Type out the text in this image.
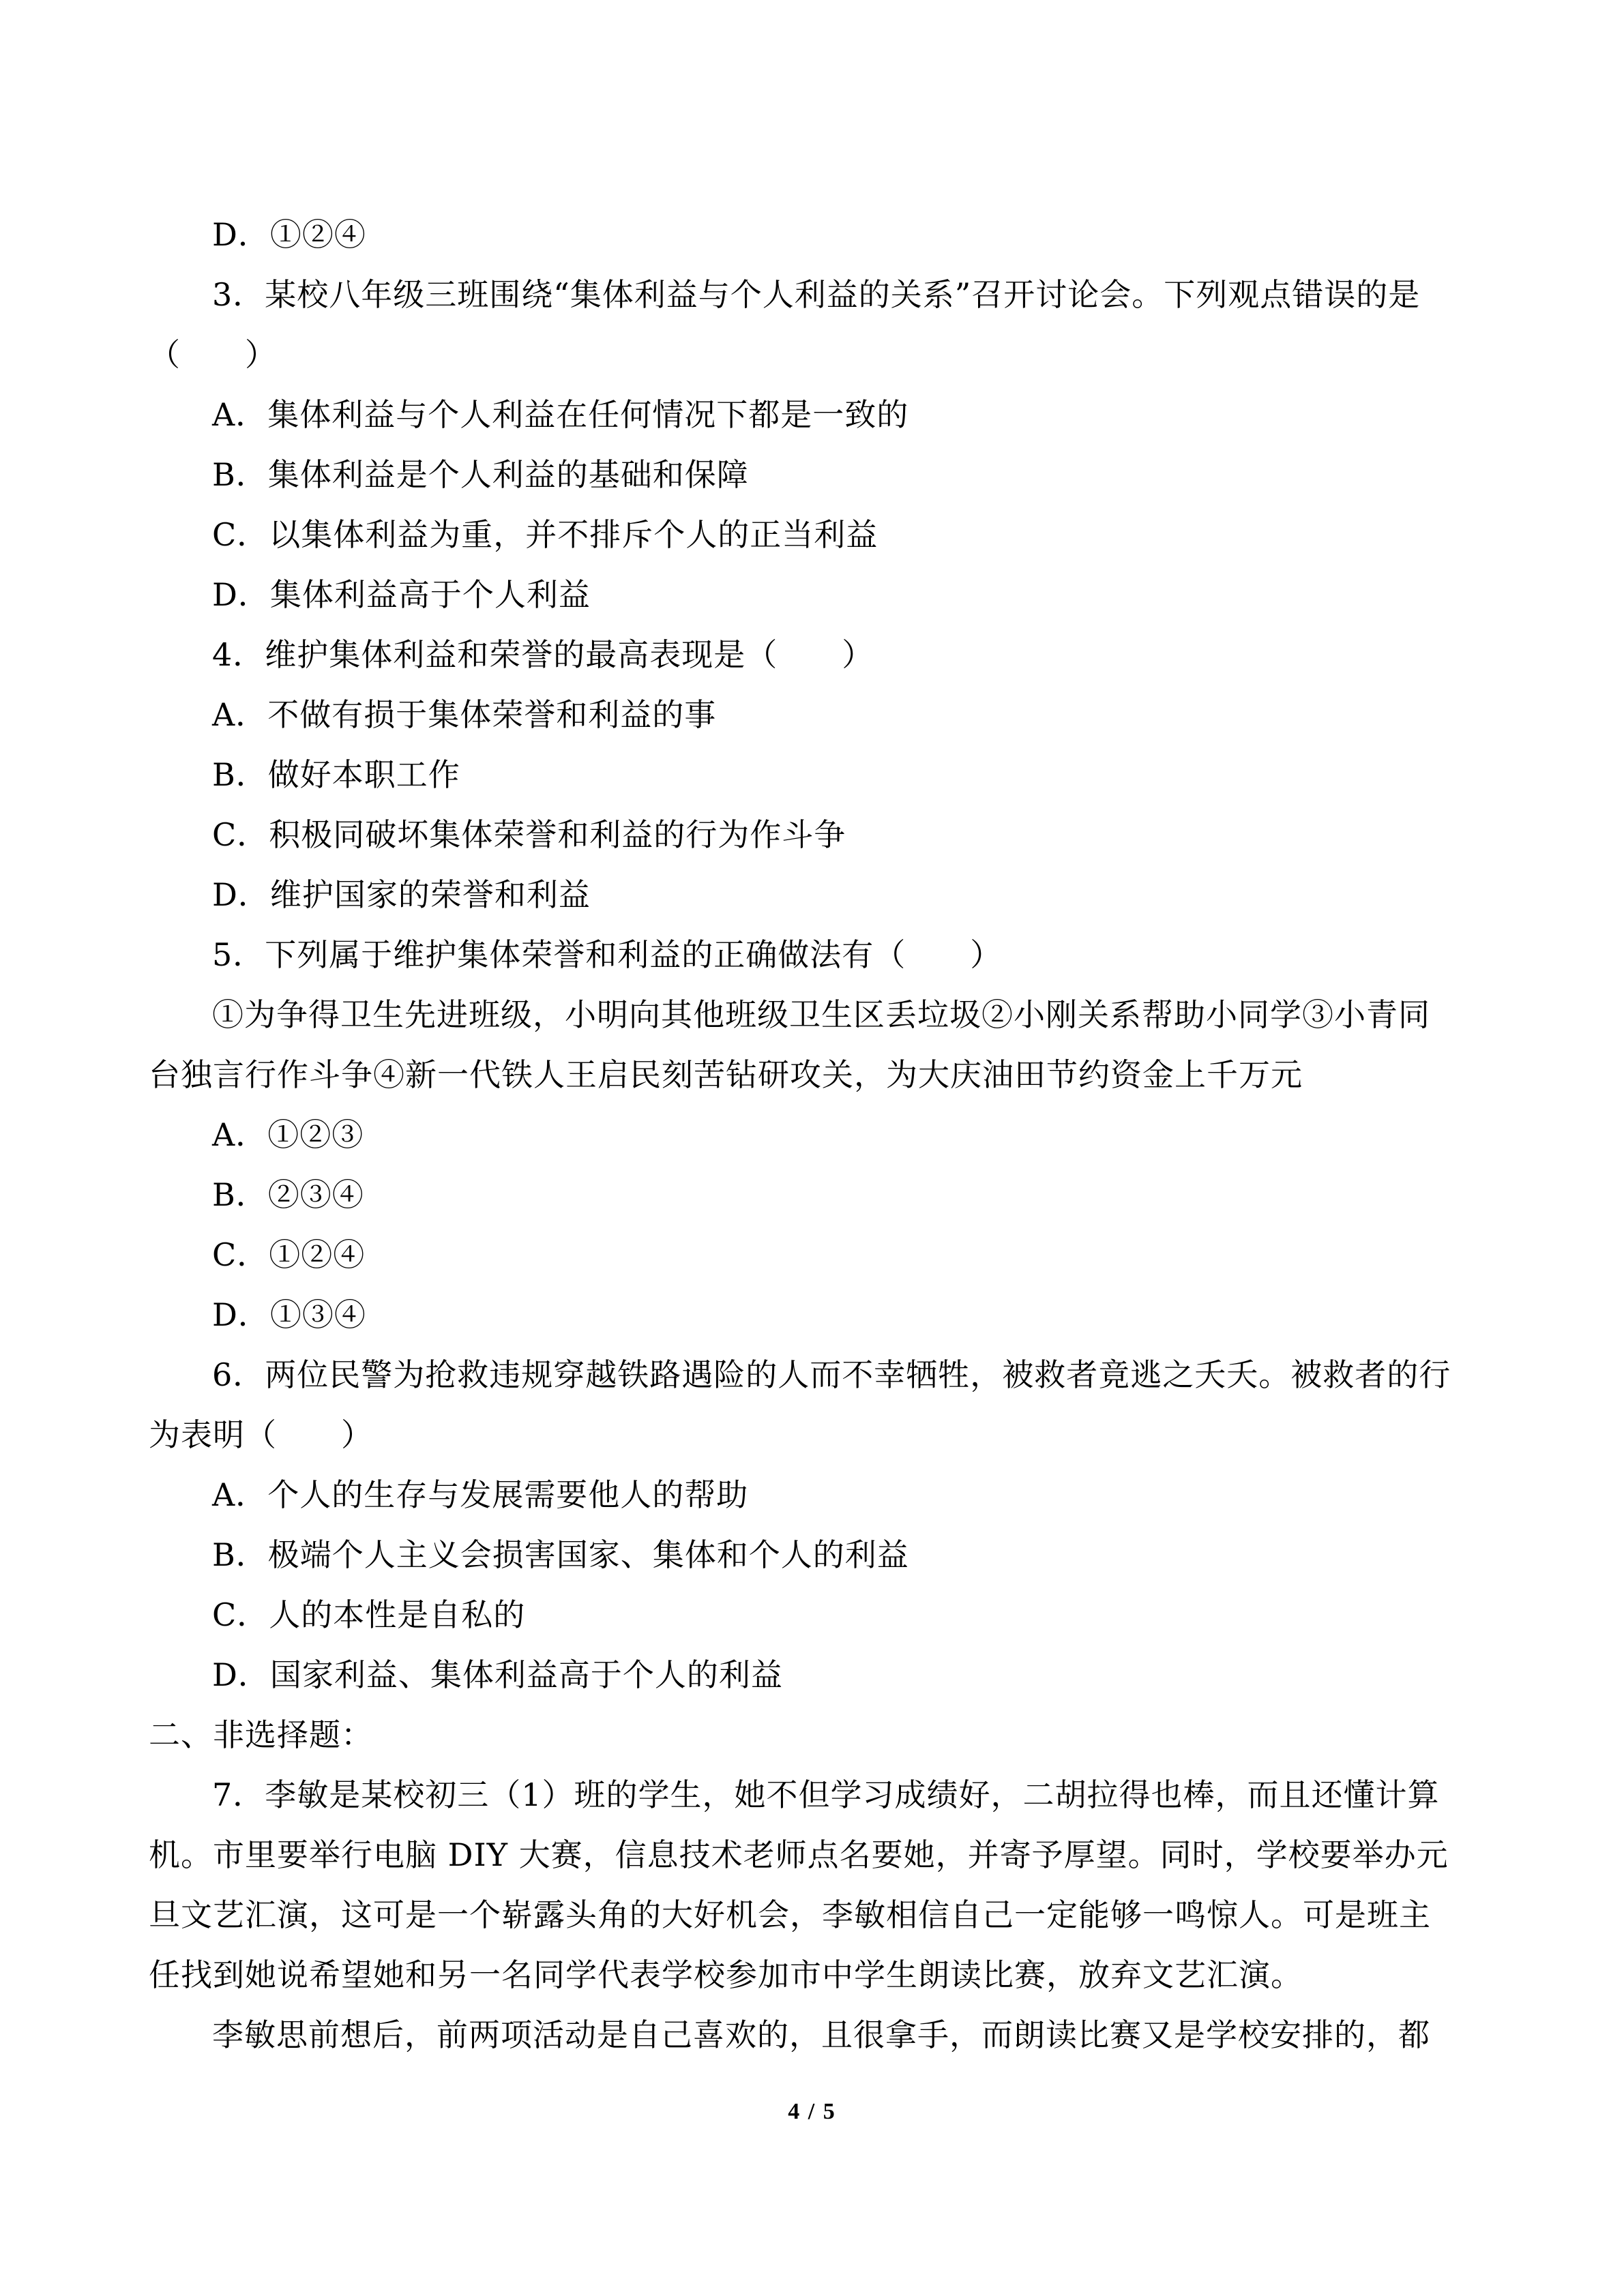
D．①②④
3．某校八年级三班围绕“集体利益与个人利益的关系”召开讨论会。下列观点错误的是
（　　）
A．集体利益与个人利益在任何情况下都是一致的
B．集体利益是个人利益的基础和保障
C．以集体利益为重，并不排斥个人的正当利益
D．集体利益高于个人利益
4．维护集体利益和荣誉的最高表现是（　　）
A．不做有损于集体荣誉和利益的事
B．做好本职工作
C．积极同破坏集体荣誉和利益的行为作斗争
D．维护国家的荣誉和利益
5．下列属于维护集体荣誉和利益的正确做法有（　　）
①为争得卫生先进班级，小明向其他班级卫生区丢垃圾②小刚关系帮助小同学③小青同
台独言行作斗争④新一代铁人王启民刻苦钻研攻关，为大庆油田节约资金上千万元
A．①②③
B．②③④
C．①②④
D．①③④
6．两位民警为抢救违规穿越铁路遇险的人而不幸牺牲，被救者竟逃之夭夭。被救者的行
为表明（　　）
A．个人的生存与发展需要他人的帮助
B．极端个人主义会损害国家、集体和个人的利益
C．人的本性是自私的
D．国家利益、集体利益高于个人的利益
二、非选择题：
7．李敏是某校初三（1）班的学生，她不但学习成绩好，二胡拉得也棒，而且还懂计算
机。市里要举行电脑 DIY 大赛，信息技术老师点名要她，并寄予厚望。同时，学校要举办元
旦文艺汇演，这可是一个崭露头角的大好机会，李敏相信自己一定能够一鸣惊人。可是班主
任找到她说希望她和另一名同学代表学校参加市中学生朗读比赛，放弃文艺汇演。
李敏思前想后，前两项活动是自己喜欢的，且很拿手，而朗读比赛又是学校安排的，都
4 / 5
